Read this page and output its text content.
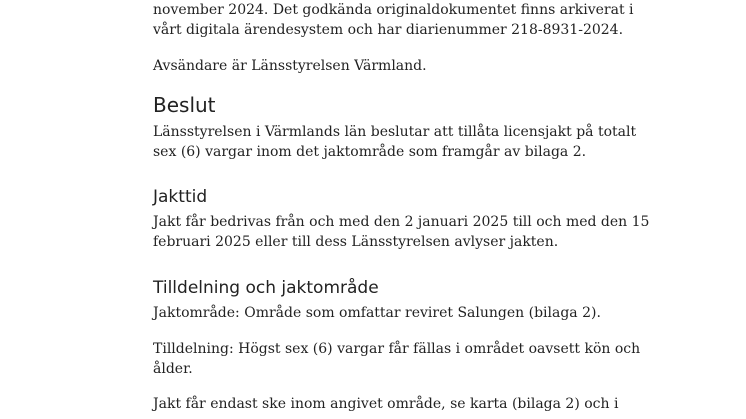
november 2024. Det godkända originaldokumentet finns arkiverat i
vårt digitala ärendesystem och har diarienummer 218-8931-2024.

Avsändare är Länsstyrelsen Värmland.

Beslut

Länsstyrelsen i Värmlands län beslutar att tillåta licensjakt på totalt
sex (6) vargar inom det jaktområde som framgår av bilaga 2.

Jakttid

Jakt får bedrivas från och med den 2 januari 2025 till och med den 15
februari 2025 eller till dess Länsstyrelsen avlyser jakten.

Tilldelning och jaktområde

Jaktområde: Område som omfattar reviret Salungen (bilaga 2).

Tilldelning: Högst sex (6) vargar får fällas i området oavsett kön och
ålder.

Jakt får endast ske inom angivet område, se karta (bilaga 2) och i
